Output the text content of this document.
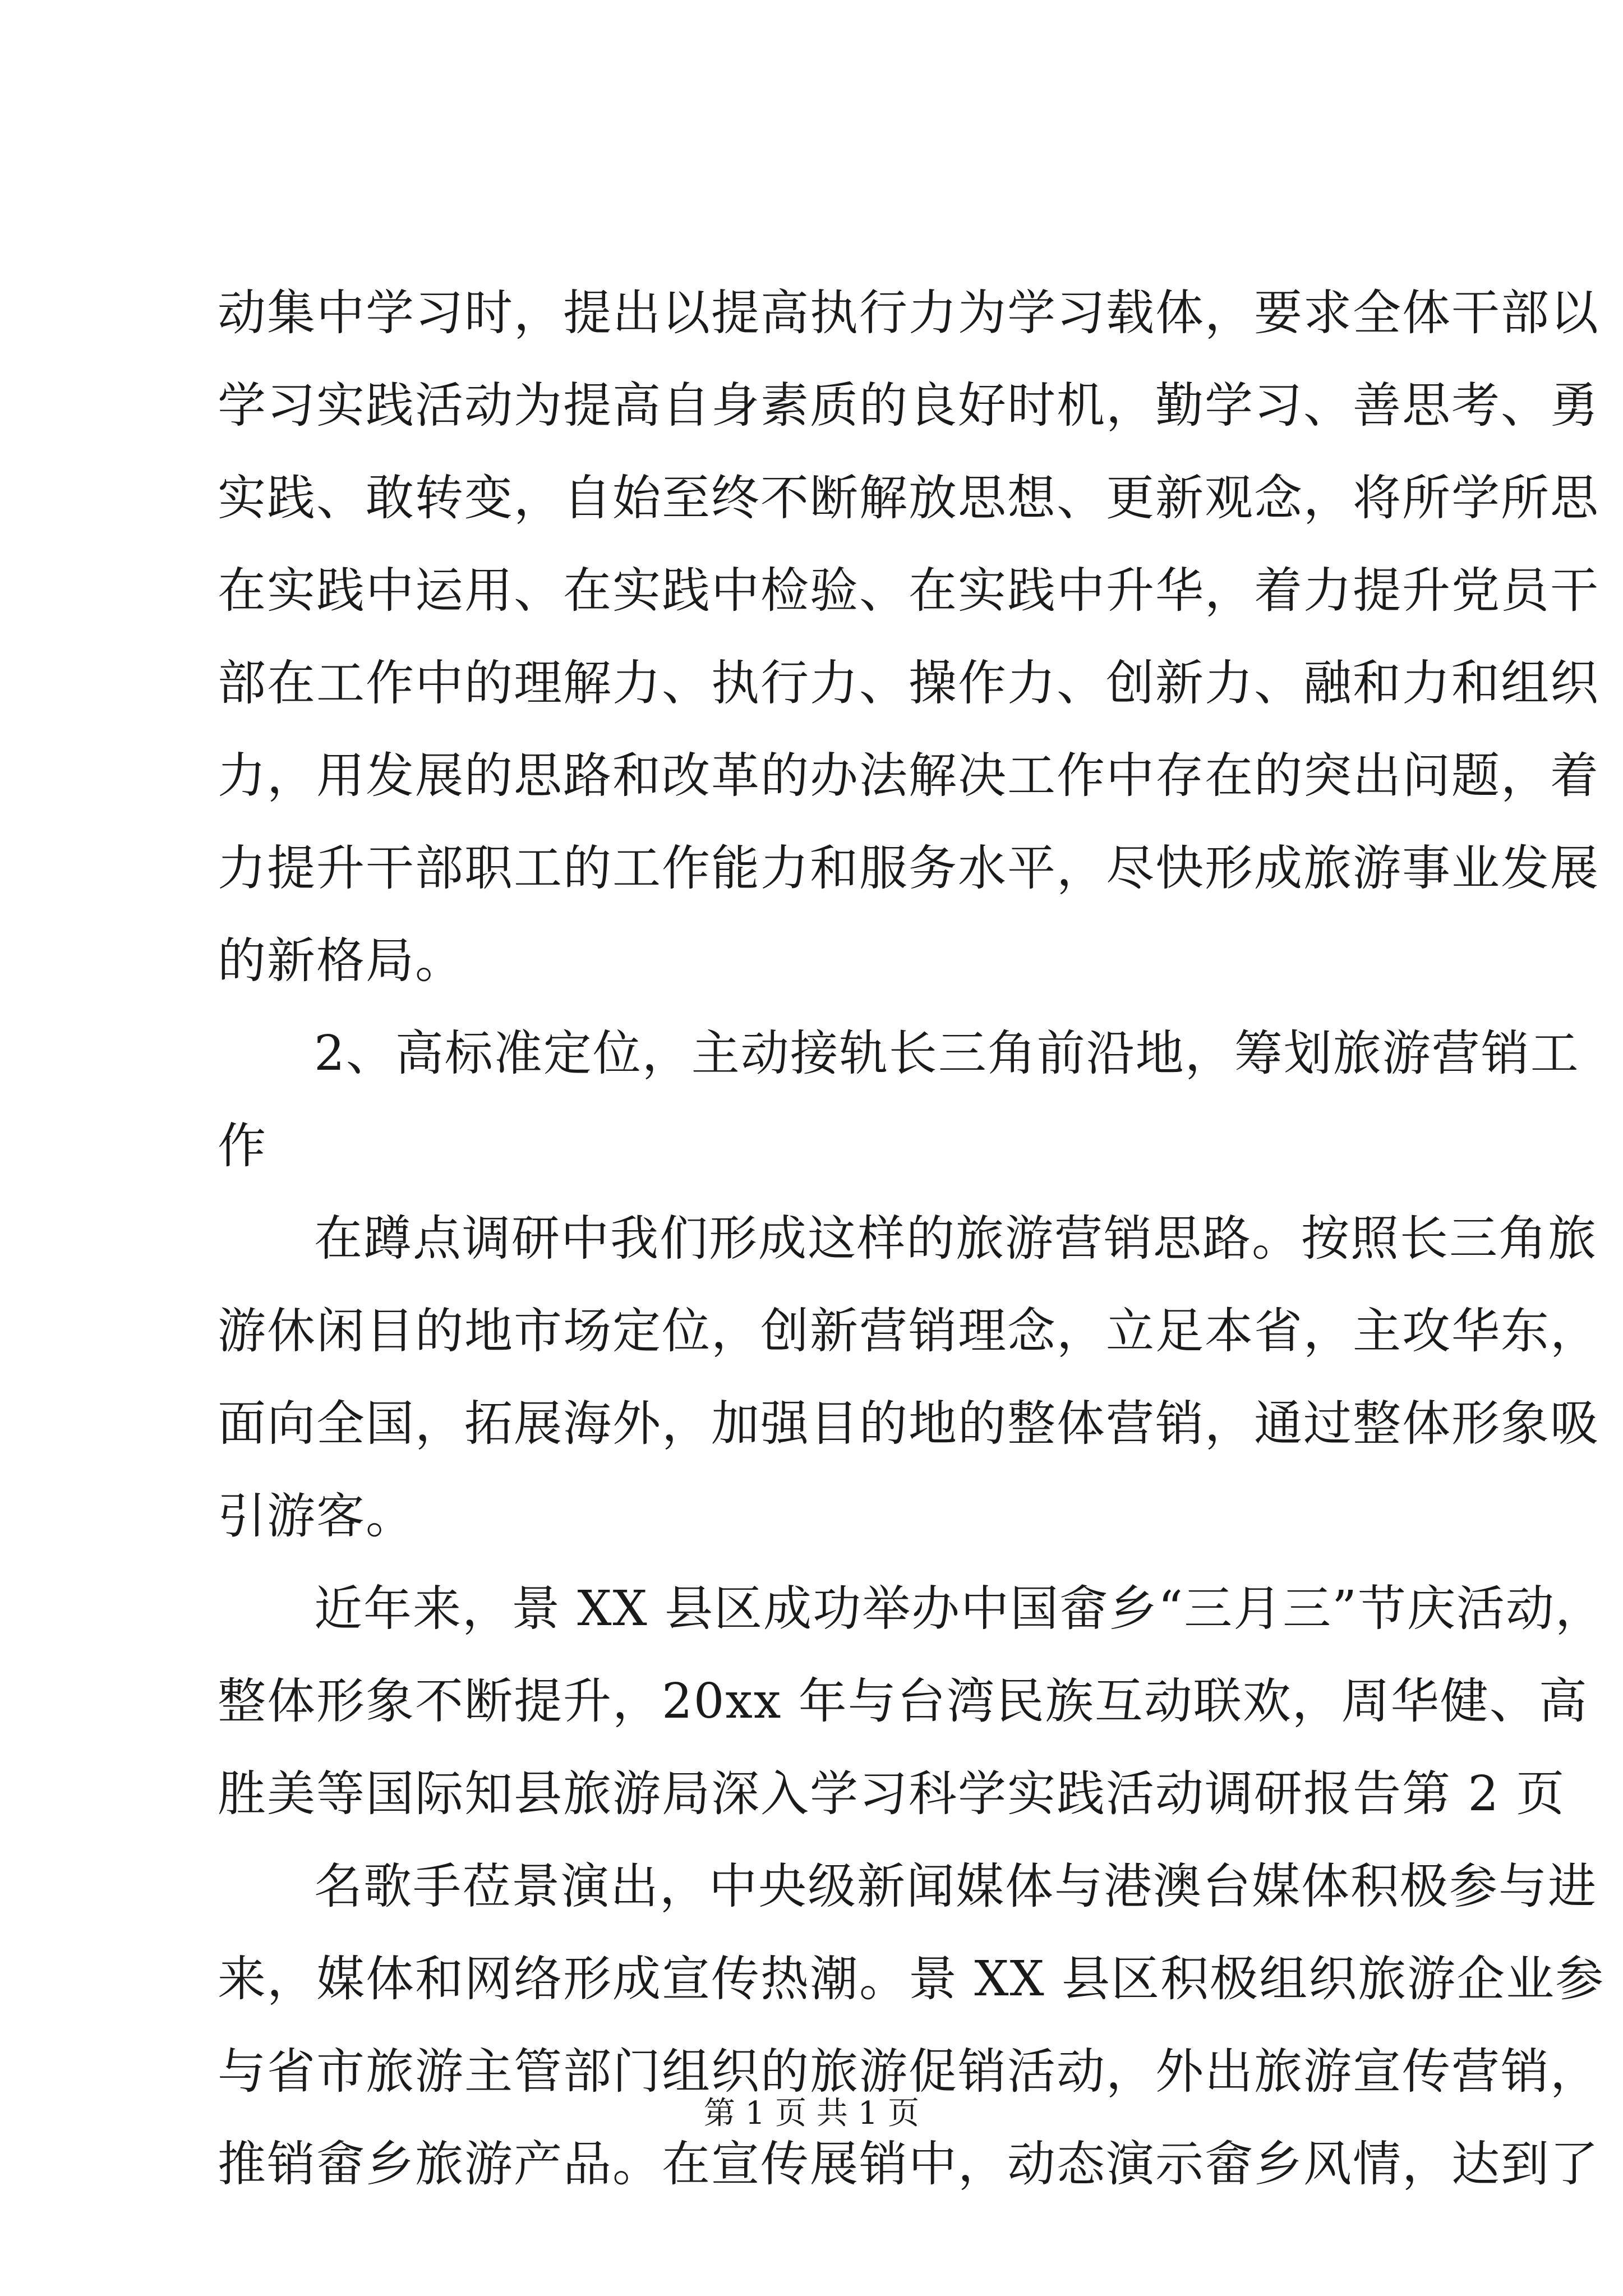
动集中学习时，提出以提高执行力为学习载体，要求全体干部以
学习实践活动为提高自身素质的良好时机，勤学习、善思考、勇
实践、敢转变，自始至终不断解放思想、更新观念，将所学所思
在实践中运用、在实践中检验、在实践中升华，着力提升党员干
部在工作中的理解力、执行力、操作力、创新力、融和力和组织
力，用发展的思路和改革的办法解决工作中存在的突出问题，着
力提升干部职工的工作能力和服务水平，尽快形成旅游事业发展
的新格局。
2、高标准定位，主动接轨长三角前沿地，筹划旅游营销工
作
在蹲点调研中我们形成这样的旅游营销思路。按照长三角旅
游休闲目的地市场定位，创新营销理念，立足本省，主攻华东，
面向全国，拓展海外，加强目的地的整体营销，通过整体形象吸
引游客。
近年来，景 XX 县区成功举办中国畲乡“三月三”节庆活动，
整体形象不断提升，20xx 年与台湾民族互动联欢，周华健、高
胜美等国际知县旅游局深入学习科学实践活动调研报告第 2 页
名歌手莅景演出，中央级新闻媒体与港澳台媒体积极参与进
来，媒体和网络形成宣传热潮。景 XX 县区积极组织旅游企业参
与省市旅游主管部门组织的旅游促销活动，外出旅游宣传营销，
推销畲乡旅游产品。在宣传展销中，动态演示畲乡风情，达到了
第 1 页 共 1 页
